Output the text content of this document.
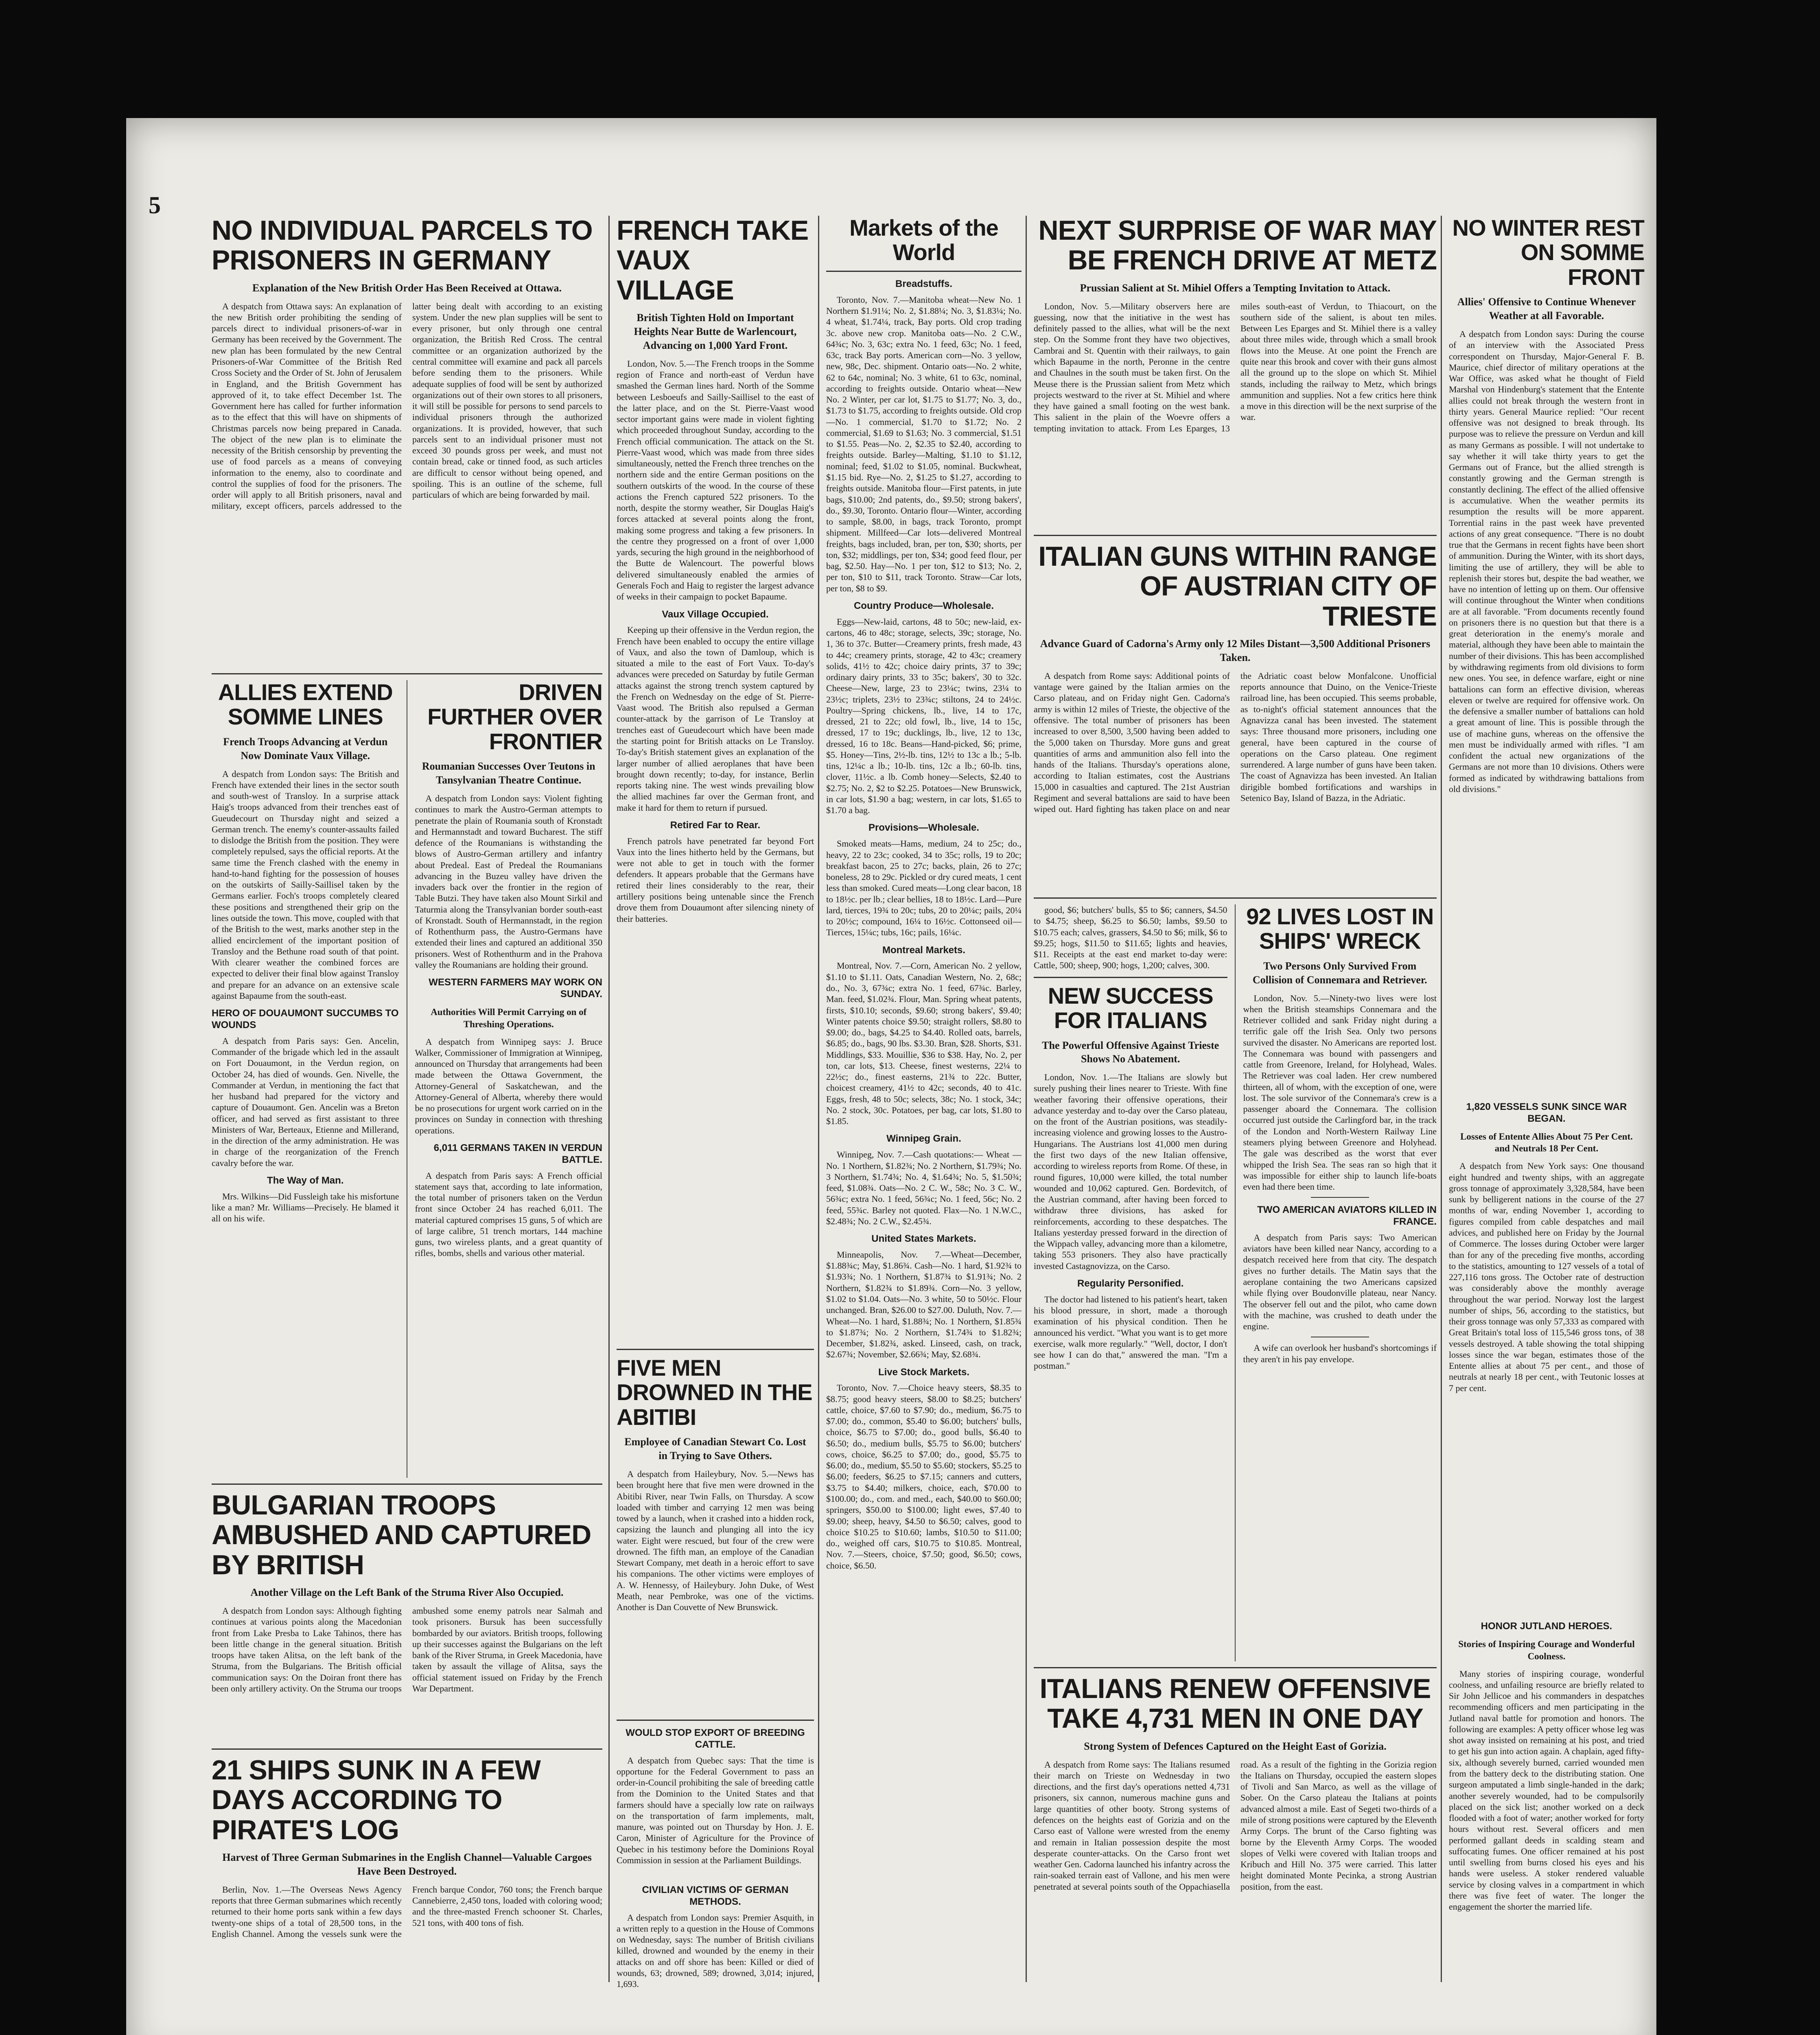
5
NO INDIVIDUAL PARCELS TO PRISONERS IN GERMANY
Explanation of the New British Order Has Been Received at Ottawa.

A despatch from Ottawa says: An explanation of the new British order prohibiting the sending of parcels direct to individual prisoners-of-war in Germany has been received by the Government. The new plan has been formulated by the new Central Prisoners-of-War Committee of the British Red Cross Society and the Order of St. John of Jerusalem in England, and the British Government has approved of it, to take effect December 1st. The Government here has called for further information as to the effect that this will have on shipments of Christmas parcels now being prepared in Canada. The object of the new plan is to eliminate the necessity of the British censorship by preventing the use of food parcels as a means of conveying information to the enemy, also to coordinate and control the supplies of food for the prisoners. The order will apply to all British prisoners, naval and military, except officers, parcels addressed to the latter being dealt with according to an existing system. Under the new plan supplies will be sent to every prisoner, but only through one central organization, the British Red Cross. The central committee or an organization authorized by the central committee will examine and pack all parcels before sending them to the prisoners. While adequate supplies of food will be sent by authorized organizations out of their own stores to all prisoners, it will still be possible for persons to send parcels to individual prisoners through the authorized organizations. It is provided, however, that such parcels sent to an individual prisoner must not exceed 30 pounds gross per week, and must not contain bread, cake or tinned food, as such articles are difficult to censor without being opened, and spoiling. This is an outline of the scheme, full particulars of which are being forwarded by mail.

ALLIES EXTEND SOMME LINES
French Troops Advancing at Verdun Now Dominate Vaux Village.

A despatch from London says: The British and French have extended their lines in the sector south and south-west of Transloy. In a surprise attack Haig's troops advanced from their trenches east of Gueudecourt on Thursday night and seized a German trench. The enemy's counter-assaults failed to dislodge the British from the position. They were completely repulsed, says the official reports. At the same time the French clashed with the enemy in hand-to-hand fighting for the possession of houses on the outskirts of Sailly-Saillisel taken by the Germans earlier. Foch's troops completely cleared these positions and strengthened their grip on the lines outside the town. This move, coupled with that of the British to the west, marks another step in the allied encirclement of the important position of Transloy and the Bethune road south of that point. With clearer weather the combined forces are expected to deliver their final blow against Transloy and prepare for an advance on an extensive scale against Bapaume from the south-east.

HERO OF DOUAUMONT SUCCUMBS TO WOUNDS

A despatch from Paris says: Gen. Ancelin, Commander of the brigade which led in the assault on Fort Douaumont, in the Verdun region, on October 24, has died of wounds. Gen. Nivelle, the Commander at Verdun, in mentioning the fact that her husband had prepared for the victory and capture of Douaumont. Gen. Ancelin was a Breton officer, and had served as first assistant to three Ministers of War, Berteaux, Etienne and Millerand, in the direction of the army administration. He was in charge of the reorganization of the French cavalry before the war.

The Way of Man.

Mrs. Wilkins—Did Fussleigh take his misfortune like a man? Mr. Williams—Precisely. He blamed it all on his wife.

DRIVEN FURTHER OVER FRONTIER
Roumanian Successes Over Teutons in Tansylvanian Theatre Continue.

A despatch from London says: Violent fighting continues to mark the Austro-German attempts to penetrate the plain of Roumania south of Kronstadt and Hermannstadt and toward Bucharest. The stiff defence of the Roumanians is withstanding the blows of Austro-German artillery and infantry about Predeal. East of Predeal the Roumanians advancing in the Buzeu valley have driven the invaders back over the frontier in the region of Table Butzi. They have taken also Mount Sirkil and Taturmia along the Transylvanian border south-east of Kronstadt. South of Hermannstadt, in the region of Rothenthurm pass, the Austro-Germans have extended their lines and captured an additional 350 prisoners. West of Rothenthurm and in the Prahova valley the Roumanians are holding their ground.

WESTERN FARMERS MAY WORK ON SUNDAY.
Authorities Will Permit Carrying on of Threshing Operations.

A despatch from Winnipeg says: J. Bruce Walker, Commissioner of Immigration at Winnipeg, announced on Thursday that arrangements had been made between the Ottawa Government, the Attorney-General of Saskatchewan, and the Attorney-General of Alberta, whereby there would be no prosecutions for urgent work carried on in the provinces on Sunday in connection with threshing operations.

6,011 GERMANS TAKEN IN VERDUN BATTLE.

A despatch from Paris says: A French official statement says that, according to late information, the total number of prisoners taken on the Verdun front since October 24 has reached 6,011. The material captured comprises 15 guns, 5 of which are of large calibre, 51 trench mortars, 144 machine guns, two wireless plants, and a great quantity of rifles, bombs, shells and various other material.

BULGARIAN TROOPS AMBUSHED AND CAPTURED BY BRITISH
Another Village on the Left Bank of the Struma River Also Occupied.

A despatch from London says: Although fighting continues at various points along the Macedonian front from Lake Presba to Lake Tahinos, there has been little change in the general situation. British troops have taken Alitsa, on the left bank of the Struma, from the Bulgarians. The British official communication says: On the Doiran front there has been only artillery activity. On the Struma our troops ambushed some enemy patrols near Salmah and took prisoners. Bursuk has been successfully bombarded by our aviators. British troops, following up their successes against the Bulgarians on the left bank of the River Struma, in Greek Macedonia, have taken by assault the village of Alitsa, says the official statement issued on Friday by the French War Department.

21 SHIPS SUNK IN A FEW DAYS ACCORDING TO PIRATE'S LOG
Harvest of Three German Submarines in the English Channel—Valuable Cargoes Have Been Destroyed.

Berlin, Nov. 1.—The Overseas News Agency reports that three German submarines which recently returned to their home ports sank within a few days twenty-one ships of a total of 28,500 tons, in the English Channel. Among the vessels sunk were the French barque Condor, 760 tons; the French barque Cannebierre, 2,450 tons, loaded with coloring wood; and the three-masted French schooner St. Charles, 521 tons, with 400 tons of fish.

FRENCH TAKE VAUX VILLAGE
British Tighten Hold on Important Heights Near Butte de Warlencourt, Advancing on 1,000 Yard Front.

London, Nov. 5.—The French troops in the Somme region of France and north-east of Verdun have smashed the German lines hard. North of the Somme between Lesboeufs and Sailly-Saillisel to the east of the latter place, and on the St. Pierre-Vaast wood sector important gains were made in violent fighting which proceeded throughout Sunday, according to the French official communication. The attack on the St. Pierre-Vaast wood, which was made from three sides simultaneously, netted the French three trenches on the northern side and the entire German positions on the southern outskirts of the wood. In the course of these actions the French captured 522 prisoners. To the north, despite the stormy weather, Sir Douglas Haig's forces attacked at several points along the front, making some progress and taking a few prisoners. In the centre they progressed on a front of over 1,000 yards, securing the high ground in the neighborhood of the Butte de Walencourt. The powerful blows delivered simultaneously enabled the armies of Generals Foch and Haig to register the largest advance of weeks in their campaign to pocket Bapaume.

Vaux Village Occupied.

Keeping up their offensive in the Verdun region, the French have been enabled to occupy the entire village of Vaux, and also the town of Damloup, which is situated a mile to the east of Fort Vaux. To-day's advances were preceded on Saturday by futile German attacks against the strong trench system captured by the French on Wednesday on the edge of St. Pierre-Vaast wood. The British also repulsed a German counter-attack by the garrison of Le Transloy at trenches east of Gueudecourt which have been made the starting point for British attacks on Le Transloy. To-day's British statement gives an explanation of the larger number of allied aeroplanes that have been brought down recently; to-day, for instance, Berlin reports taking nine. The west winds prevailing blow the allied machines far over the German front, and make it hard for them to return if pursued.

Retired Far to Rear.

French patrols have penetrated far beyond Fort Vaux into the lines hitherto held by the Germans, but were not able to get in touch with the former defenders. It appears probable that the Germans have retired their lines considerably to the rear, their artillery positions being untenable since the French drove them from Douaumont after silencing ninety of their batteries.

FIVE MEN DROWNED IN THE ABITIBI
Employee of Canadian Stewart Co. Lost in Trying to Save Others.

A despatch from Haileybury, Nov. 5.—News has been brought here that five men were drowned in the Abitibi River, near Twin Falls, on Thursday. A scow loaded with timber and carrying 12 men was being towed by a launch, when it crashed into a hidden rock, capsizing the launch and plunging all into the icy water. Eight were rescued, but four of the crew were drowned. The fifth man, an employe of the Canadian Stewart Company, met death in a heroic effort to save his companions. The other victims were employes of A. W. Hennessy, of Haileybury. John Duke, of West Meath, near Pembroke, was one of the victims. Another is Dan Couvette of New Brunswick.

WOULD STOP EXPORT OF BREEDING CATTLE.

A despatch from Quebec says: That the time is opportune for the Federal Government to pass an order-in-Council prohibiting the sale of breeding cattle from the Dominion to the United States and that farmers should have a specially low rate on railways on the transportation of farm implements, malt, manure, was pointed out on Thursday by Hon. J. E. Caron, Minister of Agriculture for the Province of Quebec in his testimony before the Dominions Royal Commission in session at the Parliament Buildings.

CIVILIAN VICTIMS OF GERMAN METHODS.

A despatch from London says: Premier Asquith, in a written reply to a question in the House of Commons on Wednesday, says: The number of British civilians killed, drowned and wounded by the enemy in their attacks on and off shore has been: Killed or died of wounds, 63; drowned, 589; drowned, 3,014; injured, 1,693.

Markets of the World
Breadstuffs.

Toronto, Nov. 7.—Manitoba wheat—New No. 1 Northern $1.91¼; No. 2, $1.88¼; No. 3, $1.83¼; No. 4 wheat, $1.74¼, track, Bay ports. Old crop trading 3c. above new crop. Manitoba oats—No. 2 C.W., 64¾c; No. 3, 63c; extra No. 1 feed, 63c; No. 1 feed, 63c, track Bay ports. American corn—No. 3 yellow, new, 98c, Dec. shipment. Ontario oats—No. 2 white, 62 to 64c, nominal; No. 3 white, 61 to 63c, nominal, according to freights outside. Ontario wheat—New No. 2 Winter, per car lot, $1.75 to $1.77; No. 3, do., $1.73 to $1.75, according to freights outside. Old crop—No. 1 commercial, $1.70 to $1.72; No. 2 commercial, $1.69 to $1.63; No. 3 commercial, $1.51 to $1.55. Peas—No. 2, $2.35 to $2.40, according to freights outside. Barley—Malting, $1.10 to $1.12, nominal; feed, $1.02 to $1.05, nominal. Buckwheat, $1.15 bid. Rye—No. 2, $1.25 to $1.27, according to freights outside. Manitoba flour—First patents, in jute bags, $10.00; 2nd patents, do., $9.50; strong bakers', do., $9.30, Toronto. Ontario flour—Winter, according to sample, $8.00, in bags, track Toronto, prompt shipment. Millfeed—Car lots—delivered Montreal freights, bags included, bran, per ton, $30; shorts, per ton, $32; middlings, per ton, $34; good feed flour, per bag, $2.50. Hay—No. 1 per ton, $12 to $13; No. 2, per ton, $10 to $11, track Toronto. Straw—Car lots, per ton, $8 to $9.

Country Produce—Wholesale.

Eggs—New-laid, cartons, 48 to 50c; new-laid, ex-cartons, 46 to 48c; storage, selects, 39c; storage, No. 1, 36 to 37c. Butter—Creamery prints, fresh made, 43 to 44c; creamery prints, storage, 42 to 43c; creamery solids, 41½ to 42c; choice dairy prints, 37 to 39c; ordinary dairy prints, 33 to 35c; bakers', 30 to 32c. Cheese—New, large, 23 to 23¼c; twins, 23¼ to 23½c; triplets, 23½ to 23¾c; stiltons, 24 to 24½c. Poultry—Spring chickens, lb., live, 14 to 17c, dressed, 21 to 22c; old fowl, lb., live, 14 to 15c, dressed, 17 to 19c; ducklings, lb., live, 12 to 13c, dressed, 16 to 18c. Beans—Hand-picked, $6; prime, $5. Honey—Tins, 2½-lb. tins, 12½ to 13c a lb.; 5-lb. tins, 12¼c a lb.; 10-lb. tins, 12c a lb.; 60-lb. tins, clover, 11½c. a lb. Comb honey—Selects, $2.40 to $2.75; No. 2, $2 to $2.25. Potatoes—New Brunswick, in car lots, $1.90 a bag; western, in car lots, $1.65 to $1.70 a bag.

Provisions—Wholesale.

Smoked meats—Hams, medium, 24 to 25c; do., heavy, 22 to 23c; cooked, 34 to 35c; rolls, 19 to 20c; breakfast bacon, 25 to 27c; backs, plain, 26 to 27c; boneless, 28 to 29c. Pickled or dry cured meats, 1 cent less than smoked. Cured meats—Long clear bacon, 18 to 18½c. per lb.; clear bellies, 18 to 18½c. Lard—Pure lard, tierces, 19¾ to 20c; tubs, 20 to 20¼c; pails, 20¼ to 20½c; compound, 16¼ to 16½c. Cottonseed oil—Tierces, 15¼c; tubs, 16c; pails, 16¼c.

Montreal Markets.

Montreal, Nov. 7.—Corn, American No. 2 yellow, $1.10 to $1.11. Oats, Canadian Western, No. 2, 68c; do., No. 3, 67¾c; extra No. 1 feed, 67¾c. Barley, Man. feed, $1.02¾. Flour, Man. Spring wheat patents, firsts, $10.10; seconds, $9.60; strong bakers', $9.40; Winter patents choice $9.50; straight rollers, $8.80 to $9.00; do., bags, $4.25 to $4.40. Rolled oats, barrels, $6.85; do., bags, 90 lbs. $3.30. Bran, $28. Shorts, $31. Middlings, $33. Mouillie, $36 to $38. Hay, No. 2, per ton, car lots, $13. Cheese, finest westerns, 22¼ to 22½c; do., finest easterns, 21¾ to 22c. Butter, choicest creamery, 41½ to 42c; seconds, 40 to 41c. Eggs, fresh, 48 to 50c; selects, 38c; No. 1 stock, 34c; No. 2 stock, 30c. Potatoes, per bag, car lots, $1.80 to $1.85.

Winnipeg Grain.

Winnipeg, Nov. 7.—Cash quotations:— Wheat — No. 1 Northern, $1.82¾; No. 2 Northern, $1.79¾; No. 3 Northern, $1.74¾; No. 4, $1.64¾; No. 5, $1.50¾; feed, $1.08¾. Oats—No. 2 C. W., 58c; No. 3 C. W., 56¾c; extra No. 1 feed, 56¾c; No. 1 feed, 56c; No. 2 feed, 55¾c. Barley not quoted. Flax—No. 1 N.W.C., $2.48¾; No. 2 C.W., $2.45¾.

United States Markets.

Minneapolis, Nov. 7.—Wheat—December, $1.88¾c; May, $1.86¾. Cash—No. 1 hard, $1.92¾ to $1.93¾; No. 1 Northern, $1.87¾ to $1.91¾; No. 2 Northern, $1.82¾ to $1.89¾. Corn—No. 3 yellow, $1.02 to $1.04. Oats—No. 3 white, 50 to 50½c. Flour unchanged. Bran, $26.00 to $27.00. Duluth, Nov. 7.—Wheat—No. 1 hard, $1.88¾; No. 1 Northern, $1.85¾ to $1.87¾; No. 2 Northern, $1.74¾ to $1.82¾; December, $1.82¾, asked. Linseed, cash, on track, $2.67¾; November, $2.66¾; May, $2.68¾.

Live Stock Markets.

Toronto, Nov. 7.—Choice heavy steers, $8.35 to $8.75; good heavy steers, $8.00 to $8.25; butchers' cattle, choice, $7.60 to $7.90; do., medium, $6.75 to $7.00; do., common, $5.40 to $6.00; butchers' bulls, choice, $6.75 to $7.00; do., good bulls, $6.40 to $6.50; do., medium bulls, $5.75 to $6.00; butchers' cows, choice, $6.25 to $7.00; do., good, $5.75 to $6.00; do., medium, $5.50 to $5.60; stockers, $5.25 to $6.00; feeders, $6.25 to $7.15; canners and cutters, $3.75 to $4.40; milkers, choice, each, $70.00 to $100.00; do., com. and med., each, $40.00 to $60.00; springers, $50.00 to $100.00; light ewes, $7.40 to $9.00; sheep, heavy, $4.50 to $6.50; calves, good to choice $10.25 to $10.60; lambs, $10.50 to $11.00; do., weighed off cars, $10.75 to $10.85. Montreal, Nov. 7.—Steers, choice, $7.50; good, $6.50; cows, choice, $6.50.

NEXT SURPRISE OF WAR MAY BE FRENCH DRIVE AT METZ
Prussian Salient at St. Mihiel Offers a Tempting Invitation to Attack.

London, Nov. 5.—Military observers here are guessing, now that the initiative in the west has definitely passed to the allies, what will be the next step. On the Somme front they have two objectives, Cambrai and St. Quentin with their railways, to gain which Bapaume in the north, Peronne in the centre and Chaulnes in the south must be taken first. On the Meuse there is the Prussian salient from Metz which projects westward to the river at St. Mihiel and where they have gained a small footing on the west bank. This salient in the plain of the Woevre offers a tempting invitation to attack. From Les Eparges, 13 miles south-east of Verdun, to Thiacourt, on the southern side of the salient, is about ten miles. Between Les Eparges and St. Mihiel there is a valley about three miles wide, through which a small brook flows into the Meuse. At one point the French are quite near this brook and cover with their guns almost all the ground up to the slope on which St. Mihiel stands, including the railway to Metz, which brings ammunition and supplies. Not a few critics here think a move in this direction will be the next surprise of the war.

ITALIAN GUNS WITHIN RANGE OF AUSTRIAN CITY OF TRIESTE
Advance Guard of Cadorna's Army only 12 Miles Distant—3,500 Additional Prisoners Taken.

A despatch from Rome says: Additional points of vantage were gained by the Italian armies on the Carso plateau, and on Friday night Gen. Cadorna's army is within 12 miles of Trieste, the objective of the offensive. The total number of prisoners has been increased to over 8,500, 3,500 having been added to the 5,000 taken on Thursday. More guns and great quantities of arms and ammunition also fell into the hands of the Italians. Thursday's operations alone, according to Italian estimates, cost the Austrians 15,000 in casualties and captured. The 21st Austrian Regiment and several battalions are said to have been wiped out. Hard fighting has taken place on and near the Adriatic coast below Monfalcone. Unofficial reports announce that Duino, on the Venice-Trieste railroad line, has been occupied. This seems probable, as to-night's official statement announces that the Agnavizza canal has been invested. The statement says: Three thousand more prisoners, including one general, have been captured in the course of operations on the Carso plateau. One regiment surrendered. A large number of guns have been taken. The coast of Agnavizza has been invested. An Italian dirigible bombed fortifications and warships in Setenico Bay, Island of Bazza, in the Adriatic.

good, $6; butchers' bulls, $5 to $6; canners, $4.50 to $4.75; sheep, $6.25 to $6.50; lambs, $9.50 to $10.75 each; calves, grassers, $4.50 to $6; milk, $6 to $9.25; hogs, $11.50 to $11.65; lights and heavies, $11. Receipts at the east end market to-day were: Cattle, 500; sheep, 900; hogs, 1,200; calves, 300.

NEW SUCCESS FOR ITALIANS
The Powerful Offensive Against Trieste Shows No Abatement.

London, Nov. 1.—The Italians are slowly but surely pushing their lines nearer to Trieste. With fine weather favoring their offensive operations, their advance yesterday and to-day over the Carso plateau, on the front of the Austrian positions, was steadily-increasing violence and growing losses to the Austro-Hungarians. The Austrians lost 41,000 men during the first two days of the new Italian offensive, according to wireless reports from Rome. Of these, in round figures, 10,000 were killed, the total number wounded and 10,062 captured. Gen. Bordevitch, of the Austrian command, after having been forced to withdraw three divisions, has asked for reinforcements, according to these despatches. The Italians yesterday pressed forward in the direction of the Wippach valley, advancing more than a kilometre, taking 553 prisoners. They also have practically invested Castagnovizza, on the Carso.

Regularity Personified.

The doctor had listened to his patient's heart, taken his blood pressure, in short, made a thorough examination of his physical condition. Then he announced his verdict. "What you want is to get more exercise, walk more regularly." "Well, doctor, I don't see how I can do that," answered the man. "I'm a postman."

92 LIVES LOST IN SHIPS' WRECK
Two Persons Only Survived From Collision of Connemara and Retriever.

London, Nov. 5.—Ninety-two lives were lost when the British steamships Connemara and the Retriever collided and sank Friday night during a terrific gale off the Irish Sea. Only two persons survived the disaster. No Americans are reported lost. The Connemara was bound with passengers and cattle from Greenore, Ireland, for Holyhead, Wales. The Retriever was coal laden. Her crew numbered thirteen, all of whom, with the exception of one, were lost. The sole survivor of the Connemara's crew is a passenger aboard the Connemara. The collision occurred just outside the Carlingford bar, in the track of the London and North-Western Railway Line steamers plying between Greenore and Holyhead. The gale was described as the worst that ever whipped the Irish Sea. The seas ran so high that it was impossible for either ship to launch life-boats even had there been time.

TWO AMERICAN AVIATORS KILLED IN FRANCE.

A despatch from Paris says: Two American aviators have been killed near Nancy, according to a despatch received here from that city. The despatch gives no further details. The Matin says that the aeroplane containing the two Americans capsized while flying over Boudonville plateau, near Nancy. The observer fell out and the pilot, who came down with the machine, was crushed to death under the engine.

A wife can overlook her husband's shortcomings if they aren't in his pay envelope.

ITALIANS RENEW OFFENSIVE TAKE 4,731 MEN IN ONE DAY
Strong System of Defences Captured on the Height East of Gorizia.

A despatch from Rome says: The Italians resumed their march on Trieste on Wednesday in two directions, and the first day's operations netted 4,731 prisoners, six cannon, numerous machine guns and large quantities of other booty. Strong systems of defences on the heights east of Gorizia and on the Carso east of Vallone were wrested from the enemy and remain in Italian possession despite the most desperate counter-attacks. On the Carso front wet weather Gen. Cadorna launched his infantry across the rain-soaked terrain east of Vallone, and his men were penetrated at several points south of the Oppachiasella road. As a result of the fighting in the Gorizia region the Italians on Thursday, occupied the eastern slopes of Tivoli and San Marco, as well as the village of Sober. On the Carso plateau the Italians at points advanced almost a mile. East of Segeti two-thirds of a mile of strong positions were captured by the Eleventh Army Corps. The brunt of the Carso fighting was borne by the Eleventh Army Corps. The wooded slopes of Velki were covered with Italian troops and Kribuch and Hill No. 375 were carried. This latter height dominated Monte Pecinka, a strong Austrian position, from the east.

NO WINTER REST ON SOMME FRONT
Allies' Offensive to Continue Whenever Weather at all Favorable.

A despatch from London says: During the course of an interview with the Associated Press correspondent on Thursday, Major-General F. B. Maurice, chief director of military operations at the War Office, was asked what he thought of Field Marshal von Hindenburg's statement that the Entente allies could not break through the western front in thirty years. General Maurice replied: "Our recent offensive was not designed to break through. Its purpose was to relieve the pressure on Verdun and kill as many Germans as possible. I will not undertake to say whether it will take thirty years to get the Germans out of France, but the allied strength is constantly growing and the German strength is constantly declining. The effect of the allied offensive is accumulative. When the weather permits its resumption the results will be more apparent. Torrential rains in the past week have prevented actions of any great consequence. "There is no doubt true that the Germans in recent fights have been short of ammunition. During the Winter, with its short days, limiting the use of artillery, they will be able to replenish their stores but, despite the bad weather, we have no intention of letting up on them. Our offensive will continue throughout the Winter when conditions are at all favorable. "From documents recently found on prisoners there is no question but that there is a great deterioration in the enemy's morale and material, although they have been able to maintain the number of their divisions. This has been accomplished by withdrawing regiments from old divisions to form new ones. You see, in defence warfare, eight or nine battalions can form an effective division, whereas eleven or twelve are required for offensive work. On the defensive a smaller number of battalions can hold a great amount of line. This is possible through the use of machine guns, whereas on the offensive the men must be individually armed with rifles. "I am confident the actual new organizations of the Germans are not more than 10 divisions. Others were formed as indicated by withdrawing battalions from old divisions."

1,820 VESSELS SUNK SINCE WAR BEGAN.
Losses of Entente Allies About 75 Per Cent. and Neutrals 18 Per Cent.

A despatch from New York says: One thousand eight hundred and twenty ships, with an aggregate gross tonnage of approximately 3,328,584, have been sunk by belligerent nations in the course of the 27 months of war, ending November 1, according to figures compiled from cable despatches and mail advices, and published here on Friday by the Journal of Commerce. The losses during October were larger than for any of the preceding five months, according to the statistics, amounting to 127 vessels of a total of 227,116 tons gross. The October rate of destruction was considerably above the monthly average throughout the war period. Norway lost the largest number of ships, 56, according to the statistics, but their gross tonnage was only 57,333 as compared with Great Britain's total loss of 115,546 gross tons, of 38 vessels destroyed. A table showing the total shipping losses since the war began, estimates those of the Entente allies at about 75 per cent., and those of neutrals at nearly 18 per cent., with Teutonic losses at 7 per cent.

HONOR JUTLAND HEROES.
Stories of Inspiring Courage and Wonderful Coolness.

Many stories of inspiring courage, wonderful coolness, and unfailing resource are briefly related to Sir John Jellicoe and his commanders in despatches recommending officers and men participating in the Jutland naval battle for promotion and honors. The following are examples: A petty officer whose leg was shot away insisted on remaining at his post, and tried to get his gun into action again. A chaplain, aged fifty-six, although severely burned, carried wounded men from the battery deck to the distributing station. One surgeon amputated a limb single-handed in the dark; another severely wounded, had to be compulsorily placed on the sick list; another worked on a deck flooded with a foot of water; another worked for forty hours without rest. Several officers and men performed gallant deeds in scalding steam and suffocating fumes. One officer remained at his post until swelling from burns closed his eyes and his hands were useless. A stoker rendered valuable service by closing valves in a compartment in which there was five feet of water. The longer the engagement the shorter the married life.
